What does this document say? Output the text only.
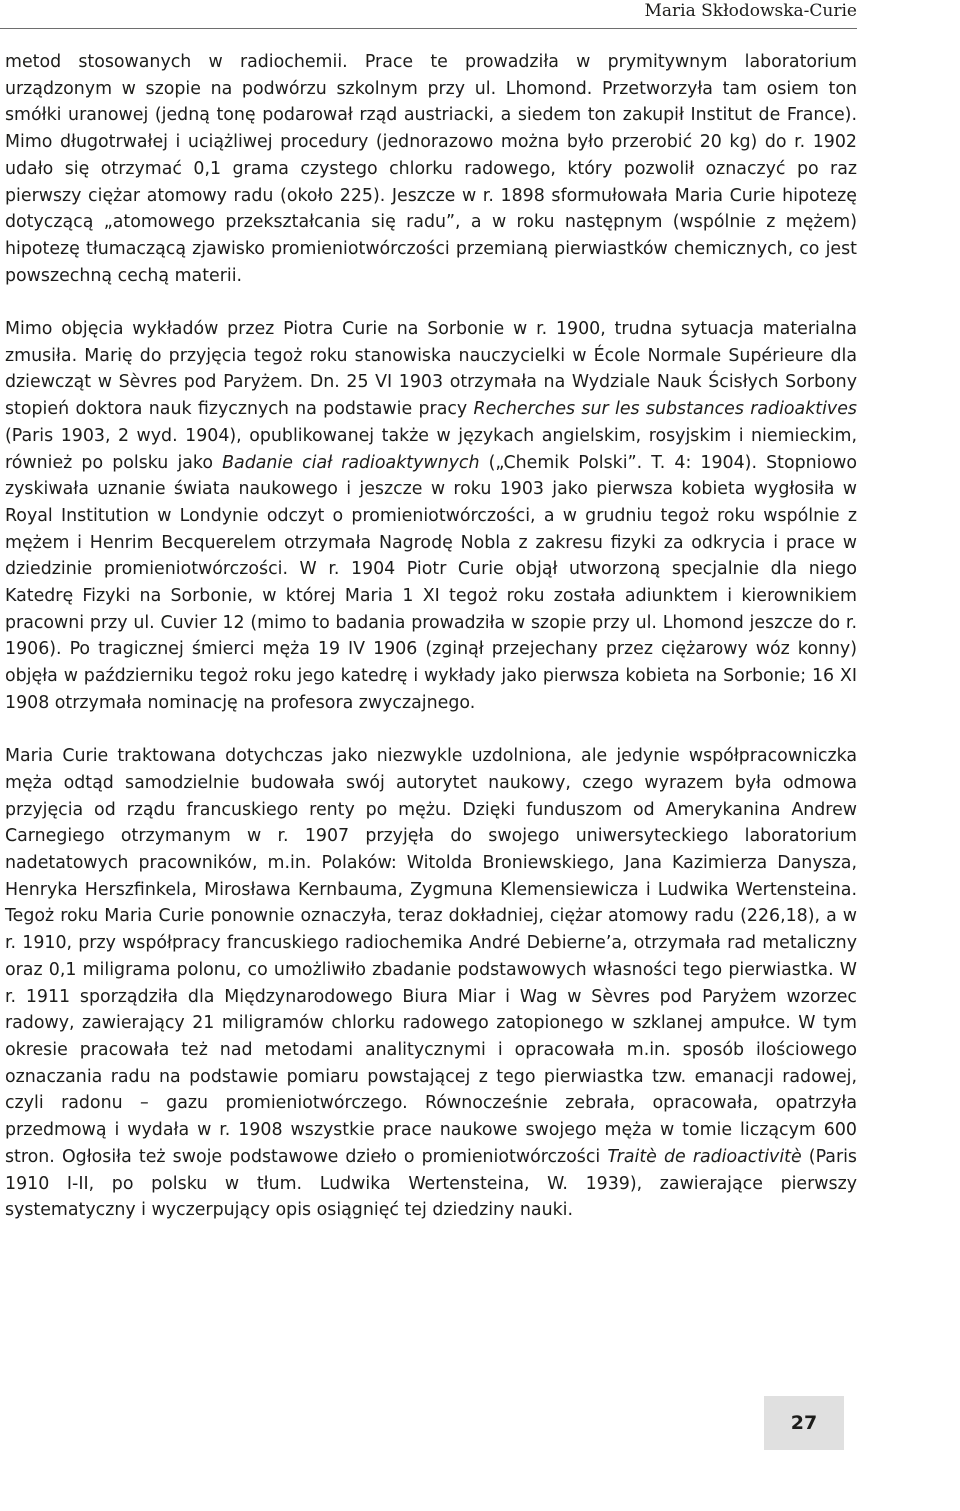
Maria Skłodowska-Curie

metod stosowanych w radiochemii. Prace te prowadziła w prymitywnym laboratorium urządzonym w szopie na podwórzu szkolnym przy ul. Lhomond. Przetworzyła tam osiem ton smółki uranowej (jedną tonę podarował rząd austriacki, a siedem ton zakupił Institut de France). Mimo długotrwałej i uciążliwej procedury (jednorazowo można było przerobić 20 kg) do r. 1902 udało się otrzymać 0,1 grama czystego chlorku radowego, który pozwolił oznaczyć po raz pierwszy ciężar atomowy radu (około 225). Jeszcze w r. 1898 sformułowała Maria Curie hipotezę dotyczącą „atomowego przekształcania się radu”, a w roku następnym (wspólnie z mężem) hipotezę tłumaczącą zjawisko promieniotwórczości przemianą pierwiastków chemicznych, co jest powszechną cechą materii.

Mimo objęcia wykładów przez Piotra Curie na Sorbonie w r. 1900, trudna sytuacja materialna zmusiła. Marię do przyjęcia tegoż roku stanowiska nauczycielki w École Normale Supérieure dla dziewcząt w Sèvres pod Paryżem. Dn. 25 VI 1903 otrzymała na Wydziale Nauk Ścisłych Sorbony stopień doktora nauk fizycznych na podstawie pracy Recherches sur les substances radioaktives (Paris 1903, 2 wyd. 1904), opublikowanej także w językach angielskim, rosyjskim i niemieckim, również po polsku jako Badanie ciał radioaktywnych („Chemik Polski”. T. 4: 1904). Stopniowo zyskiwała uznanie świata naukowego i jeszcze w roku 1903 jako pierwsza kobieta wygłosiła w Royal Institution w Londynie odczyt o promieniotwórczości, a w grudniu tegoż roku wspólnie z mężem i Henrim Becquerelem otrzymała Nagrodę Nobla z zakresu fizyki za odkrycia i prace w dziedzinie promieniotwórczości. W r. 1904 Piotr Curie objął utworzoną specjalnie dla niego Katedrę Fizyki na Sorbonie, w której Maria 1 XI tegoż roku została adiunktem i kierownikiem pracowni przy ul. Cuvier 12 (mimo to badania prowadziła w szopie przy ul. Lhomond jeszcze do r. 1906). Po tragicznej śmierci męża 19 IV 1906 (zginął przejechany przez ciężarowy wóz konny) objęła w październiku tegoż roku jego katedrę i wykłady jako pierwsza kobieta na Sorbonie; 16 XI 1908 otrzymała nominację na profesora zwyczajnego.

Maria Curie traktowana dotychczas jako niezwykle uzdolniona, ale jedynie współpracowniczka męża odtąd samodzielnie budowała swój autorytet naukowy, czego wyrazem była odmowa przyjęcia od rządu francuskiego renty po mężu. Dzięki funduszom od Amerykanina Andrew Carnegiego otrzymanym w r. 1907 przyjęła do swojego uniwersyteckiego laboratorium nadetatowych pracowników, m.in. Polaków: Witolda Broniewskiego, Jana Kazimierza Danysza, Henryka Herszfinkela, Mirosława Kernbauma, Zygmuna Klemensiewicza i Ludwika Wertensteina. Tegoż roku Maria Curie ponownie oznaczyła, teraz dokładniej, ciężar atomowy radu (226,18), a w r. 1910, przy współpracy francuskiego radiochemika André Debierne’a, otrzymała rad metaliczny oraz 0,1 miligrama polonu, co umożliwiło zbadanie podstawowych własności tego pierwiastka. W r. 1911 sporządziła dla Międzynarodowego Biura Miar i Wag w Sèvres pod Paryżem wzorzec radowy, zawierający 21 miligramów chlorku radowego zatopionego w szklanej ampułce. W tym okresie pracowała też nad metodami analitycznymi i opracowała m.in. sposób ilościowego oznaczania radu na podstawie pomiaru powstającej z tego pierwiastka tzw. emanacji radowej, czyli radonu – gazu promieniotwórczego. Równocześnie zebrała, opracowała, opatrzyła przedmową i wydała w r. 1908 wszystkie prace naukowe swojego męża w tomie liczącym 600 stron. Ogłosiła też swoje podstawowe dzieło o promieniotwórczości Traitè de radioactivitè (Paris 1910 I-II, po polsku w tłum. Ludwika Wertensteina, W. 1939), zawierające pierwszy systematyczny i wyczerpujący opis osiągnięć tej dziedziny nauki.

27
